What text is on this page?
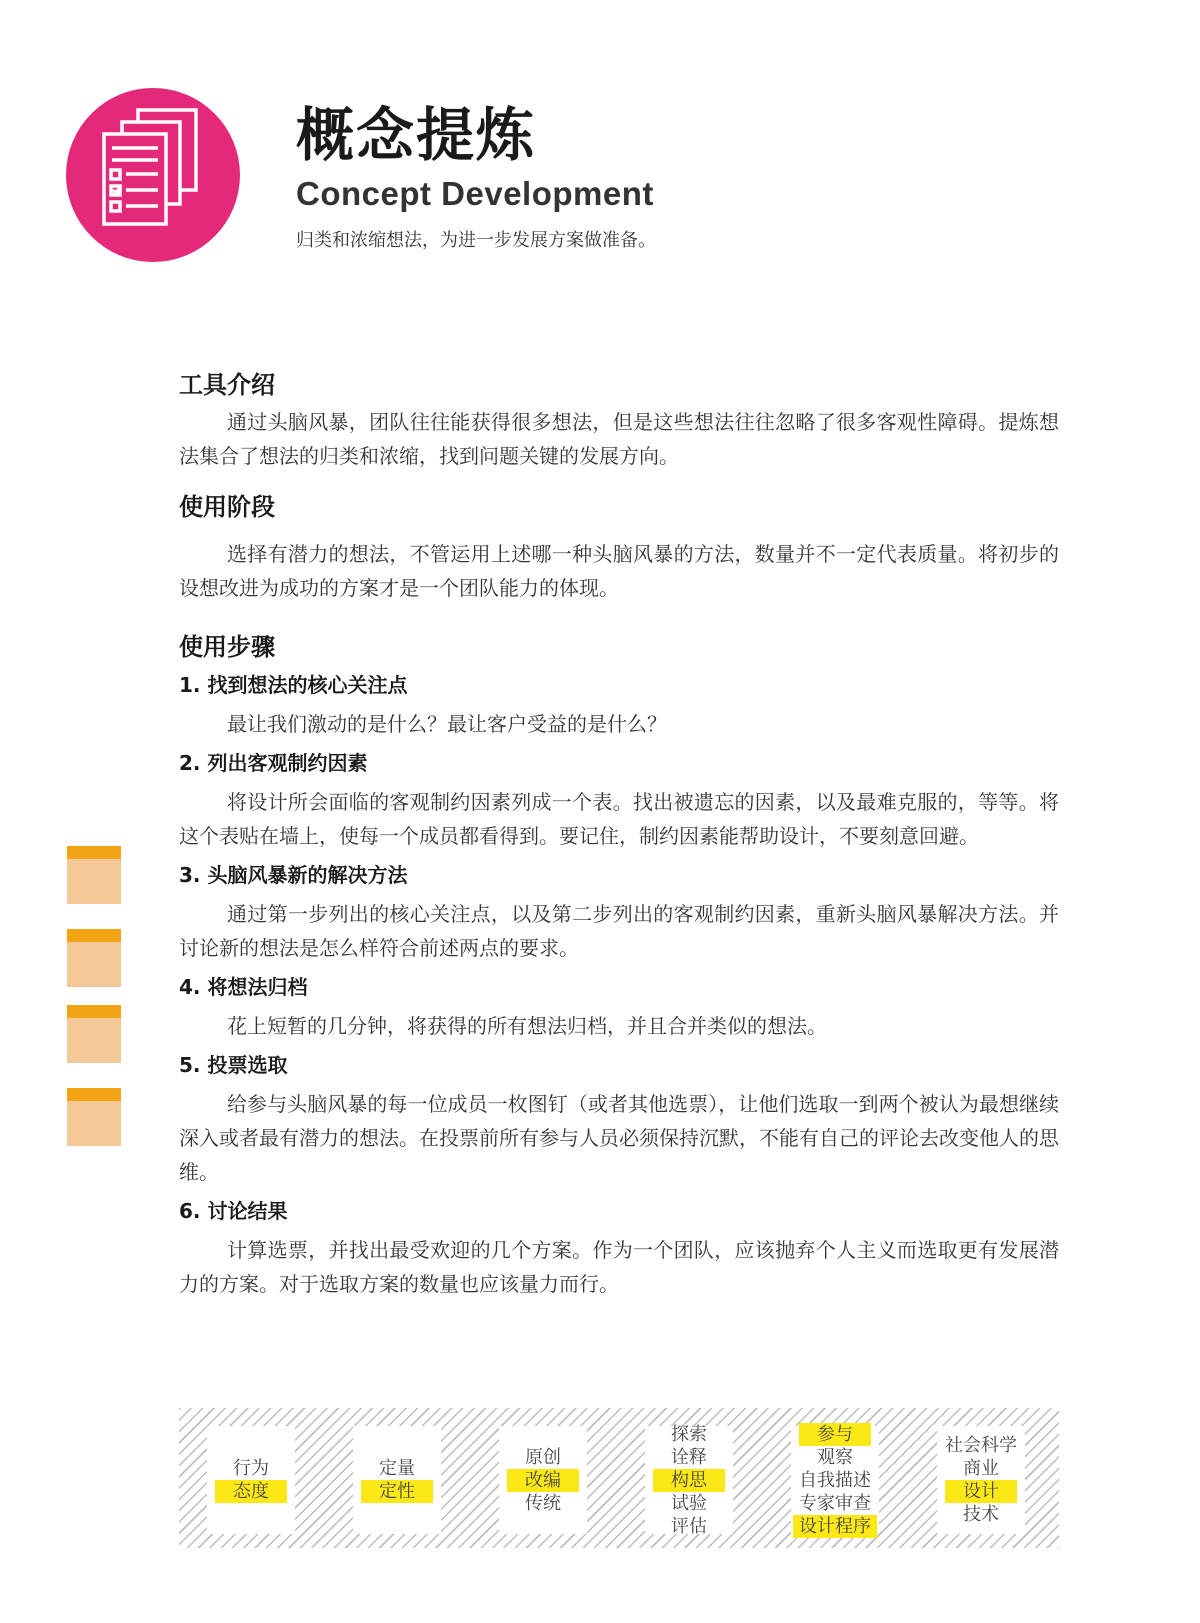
概念提炼
Concept Development

归类和浓缩想法，为进一步发展方案做准备。

工具介绍

通过头脑风暴，团队往往能获得很多想法，但是这些想法往往忽略了很多客观性障碍。提炼想法集合了想法的归类和浓缩，找到问题关键的发展方向。

使用阶段

选择有潜力的想法，不管运用上述哪一种头脑风暴的方法，数量并不一定代表质量。将初步的设想改进为成功的方案才是一个团队能力的体现。

使用步骤
1. 找到想法的核心关注点

最让我们激动的是什么？最让客户受益的是什么？

2. 列出客观制约因素

将设计所会面临的客观制约因素列成一个表。找出被遗忘的因素，以及最难克服的，等等。将这个表贴在墙上，使每一个成员都看得到。要记住，制约因素能帮助设计，不要刻意回避。

3. 头脑风暴新的解决方法

通过第一步列出的核心关注点，以及第二步列出的客观制约因素，重新头脑风暴解决方法。并讨论新的想法是怎么样符合前述两点的要求。

4. 将想法归档

花上短暂的几分钟，将获得的所有想法归档，并且合并类似的想法。

5. 投票选取

给参与头脑风暴的每一位成员一枚图钉（或者其他选票），让他们选取一到两个被认为最想继续深入或者最有潜力的想法。在投票前所有参与人员必须保持沉默，不能有自己的评论去改变他人的思维。

6. 讨论结果

计算选票，并找出最受欢迎的几个方案。作为一个团队，应该抛弃个人主义而选取更有发展潜力的方案。对于选取方案的数量也应该量力而行。

行为
态度
定量
定性
原创
改编
传统
探索
诠释
构思
试验
评估
参与
观察
自我描述
专家审查
设计程序
社会科学
商业
设计
技术
